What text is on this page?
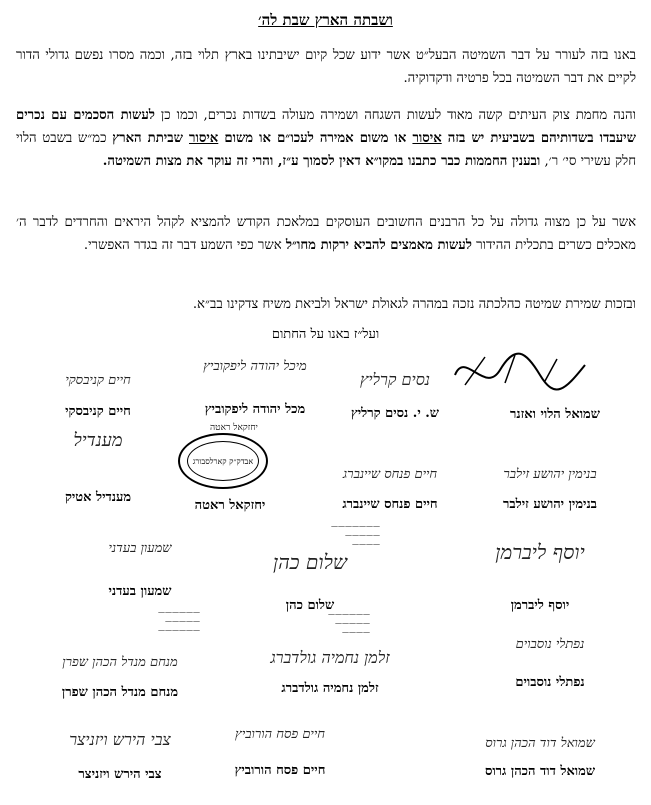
ושבתה הארץ שבת לה׳
באנו בזה לעורר על דבר השמיטה הבעל״ט אשר ידוע שכל קיום ישיבתינו בארץ תלוי בזה, וכמה מסרו נפשם גדולי הדור לקיים את דבר השמיטה בכל פרטיה ודקדוקיה.
והנה מחמת צוק העיתים קשה מאוד לעשות השגחה ושמירה מעולה בשדות נכרים, וכמו כן לעשות הסכמים עם נכרים שיעבדו בשדותיהם בשביעית יש בזה איסור או משום אמירה לעכו״ם או משום איסור שביתת הארץ כמ״ש בשבט הלוי חלק עשירי סי׳ ר׳, ובענין החממות כבר כתבנו במקו״א דאין לסמוך ע״ז, והרי זה עוקר את מצות השמיטה.
אשר על כן מצוה גדולה על כל הרבנים החשובים העוסקים במלאכת הקודש להמציא לקהל היראים והחרדים לדבר ה׳ מאכלים כשרים בתכלית ההידור לעשות מאמצים להביא ירקות מחו״ל אשר כפי השמע דבר זה בגדר האפשרי.
ובזכות שמירת שמיטה כהלכתה נזכה במהרה לגאולת ישראל ולביאת משיח צדקינו בב״א.
ועל״ז באנו על החתום
שמואל הלוי ואזנר
נסים קרליץ
ש. י. נסים קרליץ
מיכל יהודה ליפקוביץ
מכל יהודה ליפקוביץ
חיים קניבסקי
חיים קניבסקי
בנימין יהושע זילבר
בנימין יהושע זילבר
חיים פנחס שיינברג
חיים פנחס שיינברג
אבדק״ק קארלסבורג
יחזקאל ראטה
יחזקאל ראטה
מענדיל
מענדיל אטיק
יוסף ליברמן
יוסף ליברמן
שלום כהן
שלום כהן
———————
—————
————
שמעון בעדני
שמעון בעדני
נפתלי נוסבוים
נפתלי נוסבוים
זלמן נחמיה גולדברג
זלמן נחמיה גולדברג
——————
—————
————
מנחם מנדל הכהן שפרן
מנחם מנדל הכהן שפרן
——————
—————
——————
שמואל דוד הכהן גרוס
שמואל דוד הכהן גרוס
חיים פסח הורוביץ
חיים פסח הורוביץ
צבי הירש ויזניצר
צבי הירש ויזניצר
